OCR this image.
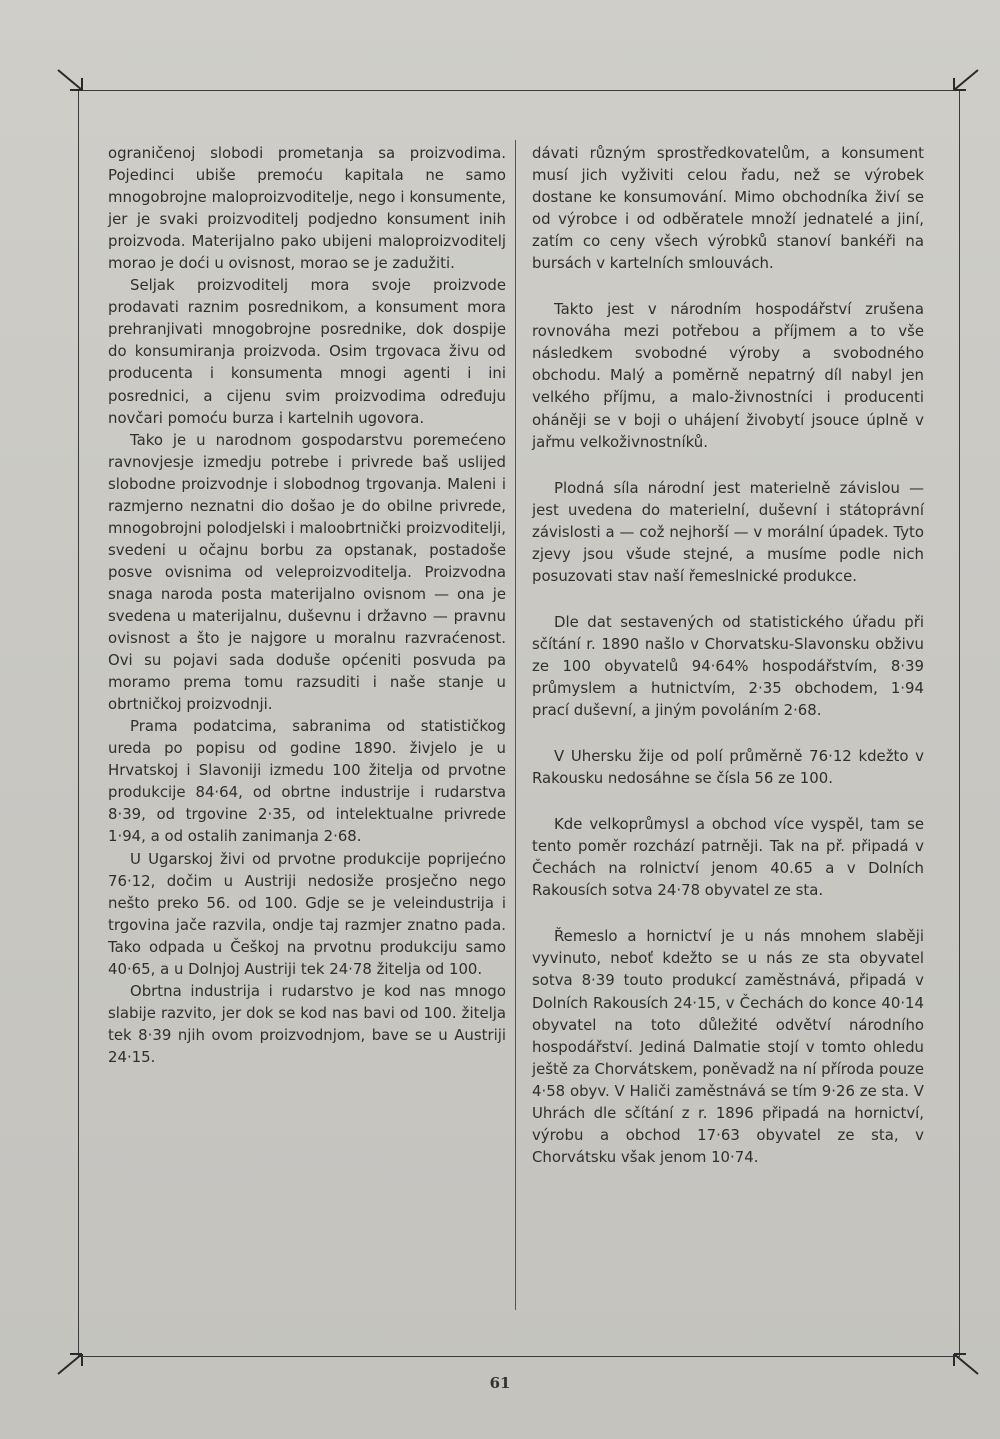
ograničenoj slobodi prometanja sa proizvodima. Pojedinci ubiše premoću kapitala ne samo mnogobrojne maloproizvoditelje, nego i konsumente, jer je svaki proizvoditelj podjedno konsument inih proizvoda. Materijalno pako ubijeni maloproizvoditelj morao je doći u ovisnost, morao se je zadužiti.

Seljak proizvoditelj mora svoje proizvode prodavati raznim posrednikom, a konsument mora prehranjivati mnogobrojne posrednike, dok dospije do konsumiranja proizvoda. Osim trgovaca živu od producenta i konsumenta mnogi agenti i ini posrednici, a cijenu svim proizvodima određuju novčari pomoću burza i kartelnih ugovora.

Tako je u narodnom gospodarstvu poremećeno ravnovjesje izmedju potrebe i privrede baš uslijed slobodne proizvodnje i slobodnog trgovanja. Maleni i razmjerno neznatni dio došao je do obilne privrede, mnogobrojni polodjelski i maloobrtnički proizvoditelji, svedeni u očajnu borbu za opstanak, postadoše posve ovisnima od veleproizvoditelja. Proizvodna snaga naroda posta materijalno ovisnom — ona je svedena u materijalnu, duševnu i državno — pravnu ovisnost a što je najgore u moralnu razvraćenost. Ovi su pojavi sada doduše općeniti posvuda pa moramo prema tomu razsuditi i naše stanje u obrtničkoj proizvodnji.

Prama podatcima, sabranima od statističkog ureda po popisu od godine 1890. živjelo je u Hrvatskoj i Slavoniji izmedu 100 žitelja od prvotne produkcije 84·64, od obrtne industrije i rudarstva 8·39, od trgovine 2·35, od intelektualne privrede 1·94, a od ostalih zanimanja 2·68.

U Ugarskoj živi od prvotne produkcije poprijećno 76·12, dočim u Austriji nedosiže prosječno nego nešto preko 56. od 100. Gdje se je veleindustrija i trgovina jače razvila, ondje taj razmjer znatno pada. Tako odpada u Češkoj na prvotnu produkciju samo 40·65, a u Dolnjoj Austriji tek 24·78 žitelja od 100.

Obrtna industrija i rudarstvo je kod nas mnogo slabije razvito, jer dok se kod nas bavi od 100. žitelja tek 8·39 njih ovom proizvodnjom, bave se u Austriji 24·15.

dávati různým sprostředkovatelům, a konsument musí jich vyživiti celou řadu, než se výrobek dostane ke konsumování. Mimo obchodníka živí se od výrobce i od odběratele množí jednatelé a jiní, zatím co ceny všech výrobků stanoví bankéři na bursách v kartelních smlouvách.

Takto jest v národním hospodářství zrušena rovnováha mezi potřebou a příjmem a to vše následkem svobodné výroby a svobodného obchodu. Malý a poměrně nepatrný díl nabyl jen velkého příjmu, a malo-živnostníci i producenti oháněji se v boji o uhájení živobytí jsouce úplně v jařmu velkoživnostníků.

Plodná síla národní jest materielně závislou — jest uvedena do materielní, duševní i státoprávní závislosti a — což nejhorší — v morální úpadek. Tyto zjevy jsou všude stejné, a musíme podle nich posuzovati stav naší řemeslnické produkce.

Dle dat sestavených od statistického úřadu při sčítání r. 1890 našlo v Chorvatsku-Slavonsku obživu ze 100 obyvatelů 94·64% hospodářstvím, 8·39 průmyslem a hutnictvím, 2·35 obchodem, 1·94 prací duševní, a jiným povoláním 2·68.

V Uhersku žije od polí průměrně 76·12 kdežto v Rakousku nedosáhne se čísla 56 ze 100.

Kde velkoprůmysl a obchod více vyspěl, tam se tento poměr rozchází patrněji. Tak na př. připadá v Čechách na rolnictví jenom 40.65 a v Dolních Rakousích sotva 24·78 obyvatel ze sta.

Řemeslo a hornictví je u nás mnohem slaběji vyvinuto, neboť kdežto se u nás ze sta obyvatel sotva 8·39 touto produkcí zaměstnává, připadá v Dolních Rakousích 24·15, v Čechách do konce 40·14 obyvatel na toto důležité odvětví národního hospodářství. Jediná Dalmatie stojí v tomto ohledu ještě za Chorvátskem, poněvadž na ní příroda pouze 4·58 obyv. V Haliči zaměstnává se tím 9·26 ze sta. V Uhrách dle sčítání z r. 1896 připadá na hornictví, výrobu a obchod 17·63 obyvatel ze sta, v Chorvátsku však jenom 10·74.

61
